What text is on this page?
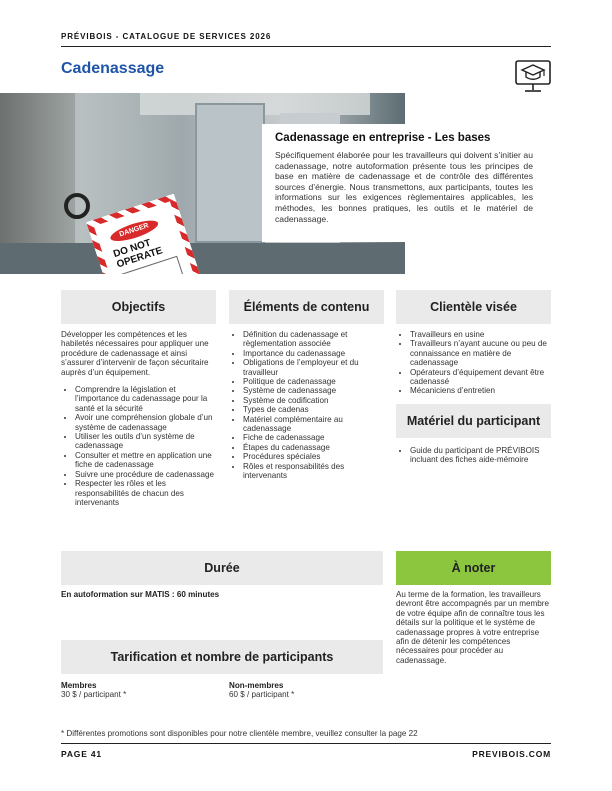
PRÉVIBOIS - CATALOGUE DE SERVICES 2026
Cadenassage
DANGER
DO NOT OPERATE
Cadenassage en entreprise - Les bases
Spécifiquement élaborée pour les travailleurs qui doivent s’initier au cadenassage, notre autoformation présente tous les principes de base en matière de cadenassage et de contrôle des différentes sources d’énergie. Nous transmettons, aux participants, toutes les informations sur les exigences règlementaires applicables, les méthodes, les bonnes pratiques, les outils et le matériel de cadenassage.
Objectifs
Développer les compétences et les habiletés nécessaires pour appliquer une procédure de cadenassage et ainsi s’assurer d’intervenir de façon sécuritaire auprès d’un équipement.
• Comprendre la législation et l’importance du cadenassage pour la santé et la sécurité
• Avoir une compréhension globale d’un système de cadenassage
• Utiliser les outils d’un système de cadenassage
• Consulter et mettre en application une fiche de cadenassage
• Suivre une procédure de cadenassage
• Respecter les rôles et les responsabilités de chacun des intervenants
Éléments de contenu
• Définition du cadenassage et règlementation associée
• Importance du cadenassage
• Obligations de l’employeur et du travailleur
• Politique de cadenassage
• Système de cadenassage
• Système de codification
• Types de cadenas
• Matériel complémentaire au cadenassage
• Fiche de cadenassage
• Étapes du cadenassage
• Procédures spéciales
• Rôles et responsabilités des intervenants
Clientèle visée
• Travailleurs en usine
• Travailleurs n’ayant aucune ou peu de connaissance en matière de cadenassage
• Opérateurs d’équipement devant être cadenassé
• Mécaniciens d’entretien
Matériel du participant
• Guide du participant de PRÉVIBOIS incluant des fiches aide-mémoire
Durée
En autoformation sur MATIS : 60 minutes
À noter
Au terme de la formation, les travailleurs devront être accompagnés par un membre de votre équipe afin de connaître tous les détails sur la politique et le système de cadenassage propres à votre entreprise afin de détenir les compétences nécessaires pour procéder au cadenassage.
Tarification et nombre de participants
Membres
30 $ / participant *
Non-membres
60 $ / participant *
* Différentes promotions sont disponibles pour notre clientèle membre, veuillez consulter la page 22
PAGE 41	PREVIBOIS.COM
